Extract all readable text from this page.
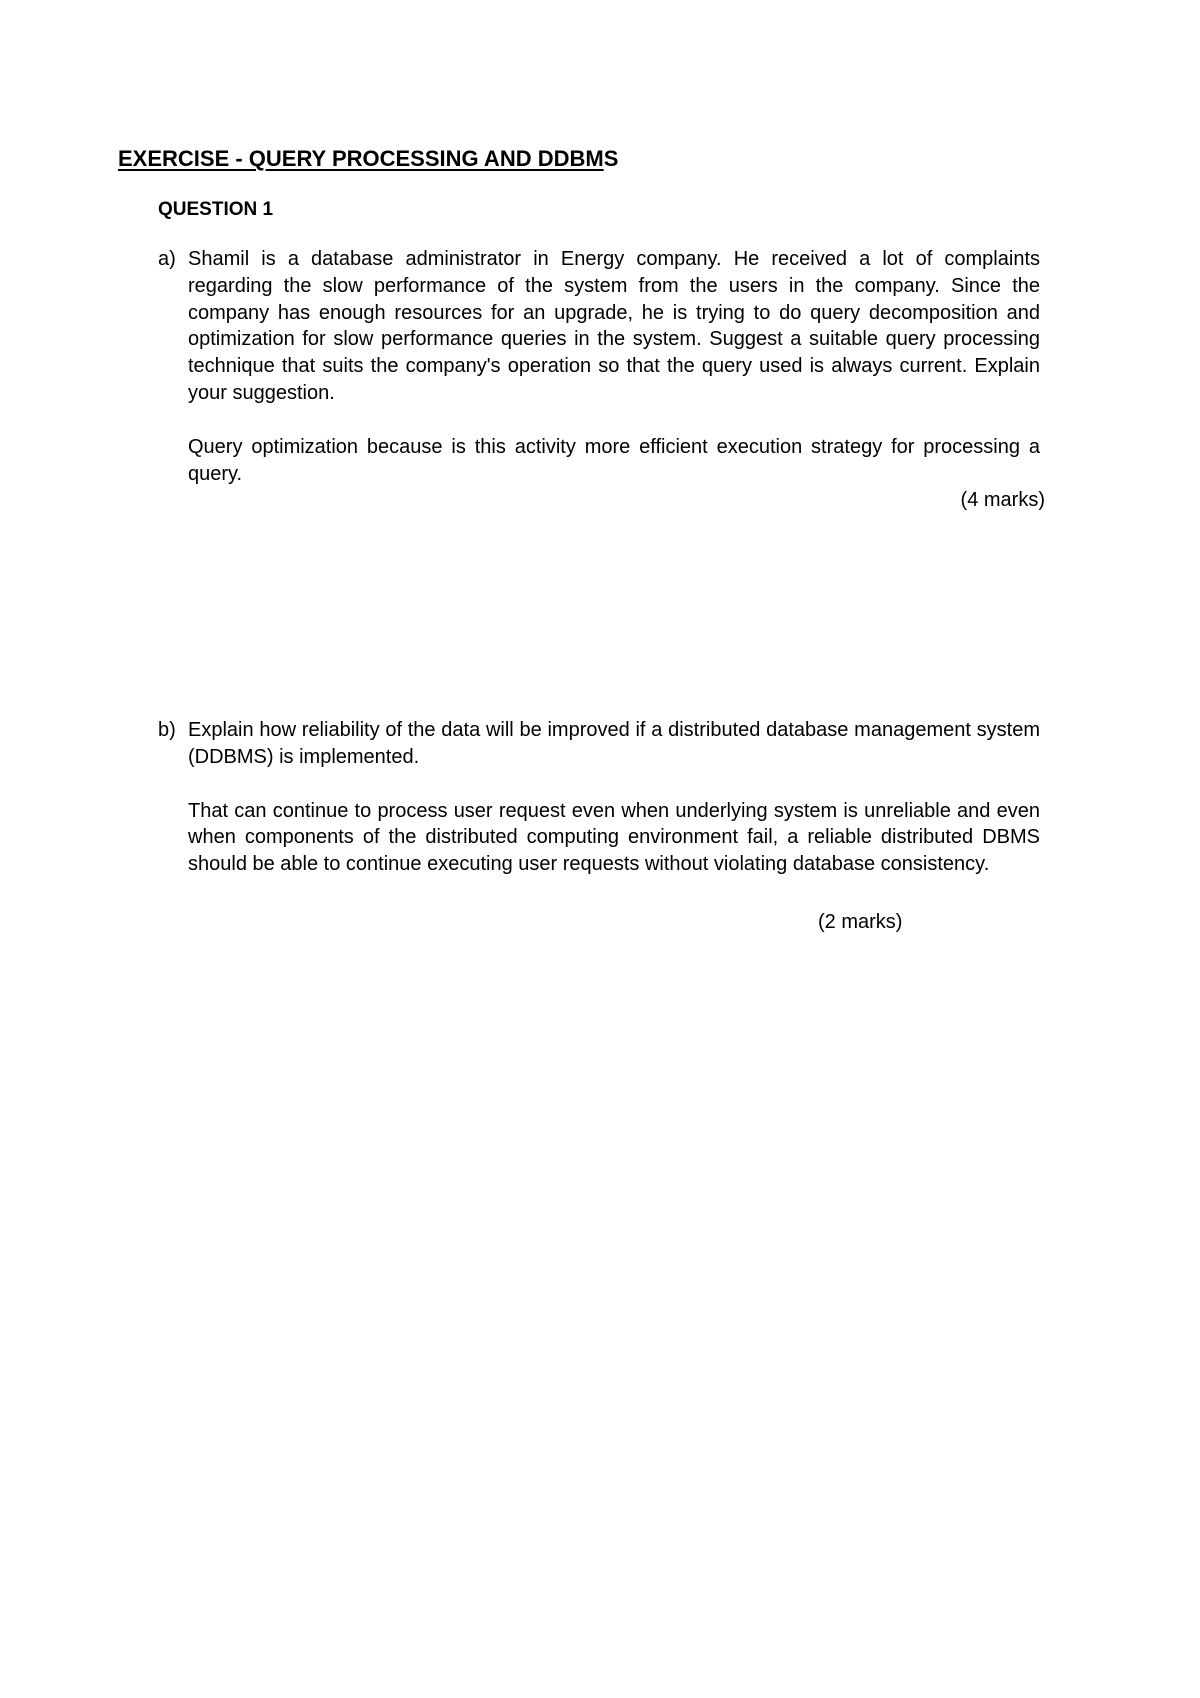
EXERCISE - QUERY PROCESSING AND DDBMS
QUESTION 1
a) Shamil is a database administrator in Energy company. He received a lot of complaints regarding the slow performance of the system from the users in the company. Since the company has enough resources for an upgrade, he is trying to do query decomposition and optimization for slow performance queries in the system. Suggest a suitable query processing technique that suits the company's operation so that the query used is always current. Explain your suggestion.

Query optimization because is this activity more efficient execution strategy for processing a query.

(4 marks)
b) Explain how reliability of the data will be improved if a distributed database management system (DDBMS) is implemented.

That can continue to process user request even when underlying system is unreliable and even when components of the distributed computing environment fail, a reliable distributed DBMS should be able to continue executing user requests without violating database consistency.

(2 marks)
